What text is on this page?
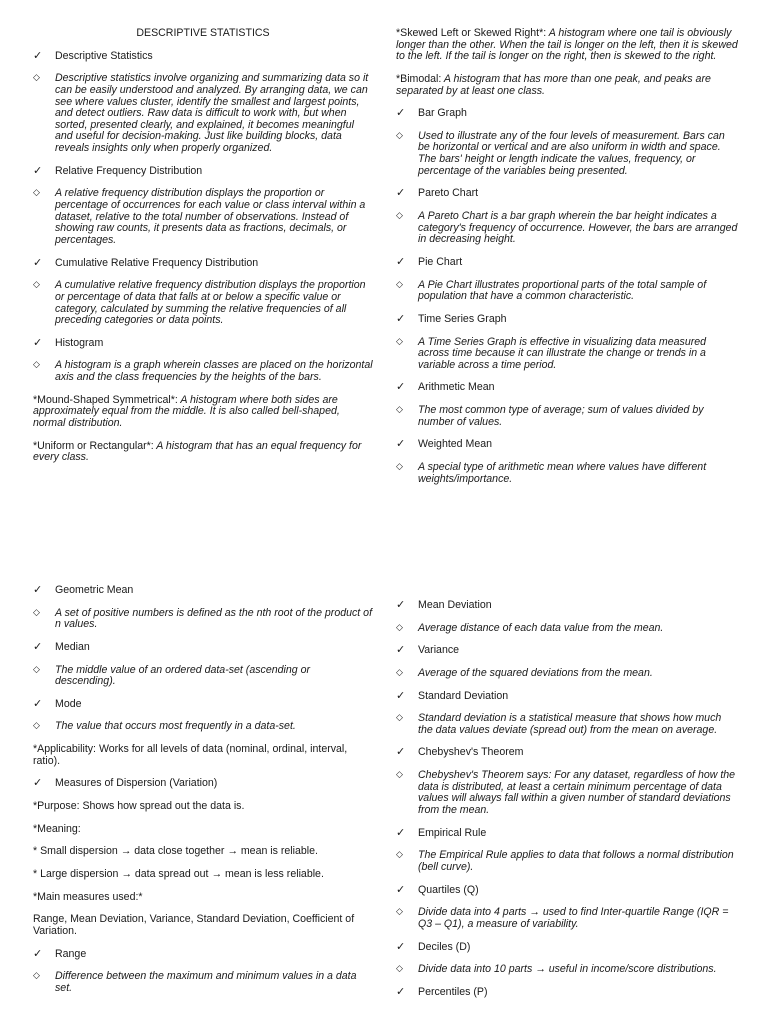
DESCRIPTIVE STATISTICS
✓ Descriptive Statistics
◇ Descriptive statistics involve organizing and summarizing data so it can be easily understood and analyzed. By arranging data, we can see where values cluster, identify the smallest and largest points, and detect outliers. Raw data is difficult to work with, but when sorted, presented clearly, and explained, it becomes meaningful and useful for decision-making. Just like building blocks, data reveals insights only when properly organized.
✓ Relative Frequency Distribution
◇ A relative frequency distribution displays the proportion or percentage of occurrences for each value or class interval within a dataset, relative to the total number of observations. Instead of showing raw counts, it presents data as fractions, decimals, or percentages.
✓ Cumulative Relative Frequency Distribution
◇ A cumulative relative frequency distribution displays the proportion or percentage of data that falls at or below a specific value or category, calculated by summing the relative frequencies of all preceding categories or data points.
✓ Histogram
◇ A histogram is a graph wherein classes are placed on the horizontal axis and the class frequencies by the heights of the bars.
*Mound-Shaped Symmetrical*: A histogram where both sides are approximately equal from the middle. It is also called bell-shaped, normal distribution.
*Uniform or Rectangular*: A histogram that has an equal frequency for every class.
*Skewed Left or Skewed Right*: A histogram where one tail is obviously longer than the other. When the tail is longer on the left, then it is skewed to the left. If the tail is longer on the right, then is skewed to the right.
*Bimodal: A histogram that has more than one peak, and peaks are separated by at least one class.
✓ Bar Graph
◇ Used to illustrate any of the four levels of measurement. Bars can be horizontal or vertical and are also uniform in width and space. The bars' height or length indicate the values, frequency, or percentage of the variables being presented.
✓ Pareto Chart
◇ A Pareto Chart is a bar graph wherein the bar height indicates a category's frequency of occurrence. However, the bars are arranged in decreasing height.
✓ Pie Chart
◇ A Pie Chart illustrates proportional parts of the total sample of population that have a common characteristic.
✓ Time Series Graph
◇ A Time Series Graph is effective in visualizing data measured across time because it can illustrate the change or trends in a variable across a time period.
✓ Arithmetic Mean
◇ The most common type of average; sum of values divided by number of values.
✓ Weighted Mean
◇ A special type of arithmetic mean where values have different weights/importance.
✓ Geometric Mean
◇ A set of positive numbers is defined as the nth root of the product of n values.
✓ Median
◇ The middle value of an ordered data-set (ascending or descending).
✓ Mode
◇ The value that occurs most frequently in a data-set.
*Applicability: Works for all levels of data (nominal, ordinal, interval, ratio).
✓ Measures of Dispersion (Variation)
*Purpose: Shows how spread out the data is.
*Meaning:
* Small dispersion → data close together → mean is reliable.
* Large dispersion → data spread out → mean is less reliable.
*Main measures used:*
Range, Mean Deviation, Variance, Standard Deviation, Coefficient of Variation.
✓ Range
◇ Difference between the maximum and minimum values in a data set.
✓ Mean Deviation
◇ Average distance of each data value from the mean.
✓ Variance
◇ Average of the squared deviations from the mean.
✓ Standard Deviation
◇ Standard deviation is a statistical measure that shows how much the data values deviate (spread out) from the mean on average.
✓ Chebyshev's Theorem
◇ Chebyshev's Theorem says: For any dataset, regardless of how the data is distributed, at least a certain minimum percentage of data values will always fall within a given number of standard deviations from the mean.
✓ Empirical Rule
◇ The Empirical Rule applies to data that follows a normal distribution (bell curve).
✓ Quartiles (Q)
◇ Divide data into 4 parts → used to find Inter-quartile Range (IQR = Q3 – Q1), a measure of variability.
✓ Deciles (D)
◇ Divide data into 10 parts → useful in income/score distributions.
✓ Percentiles (P)
